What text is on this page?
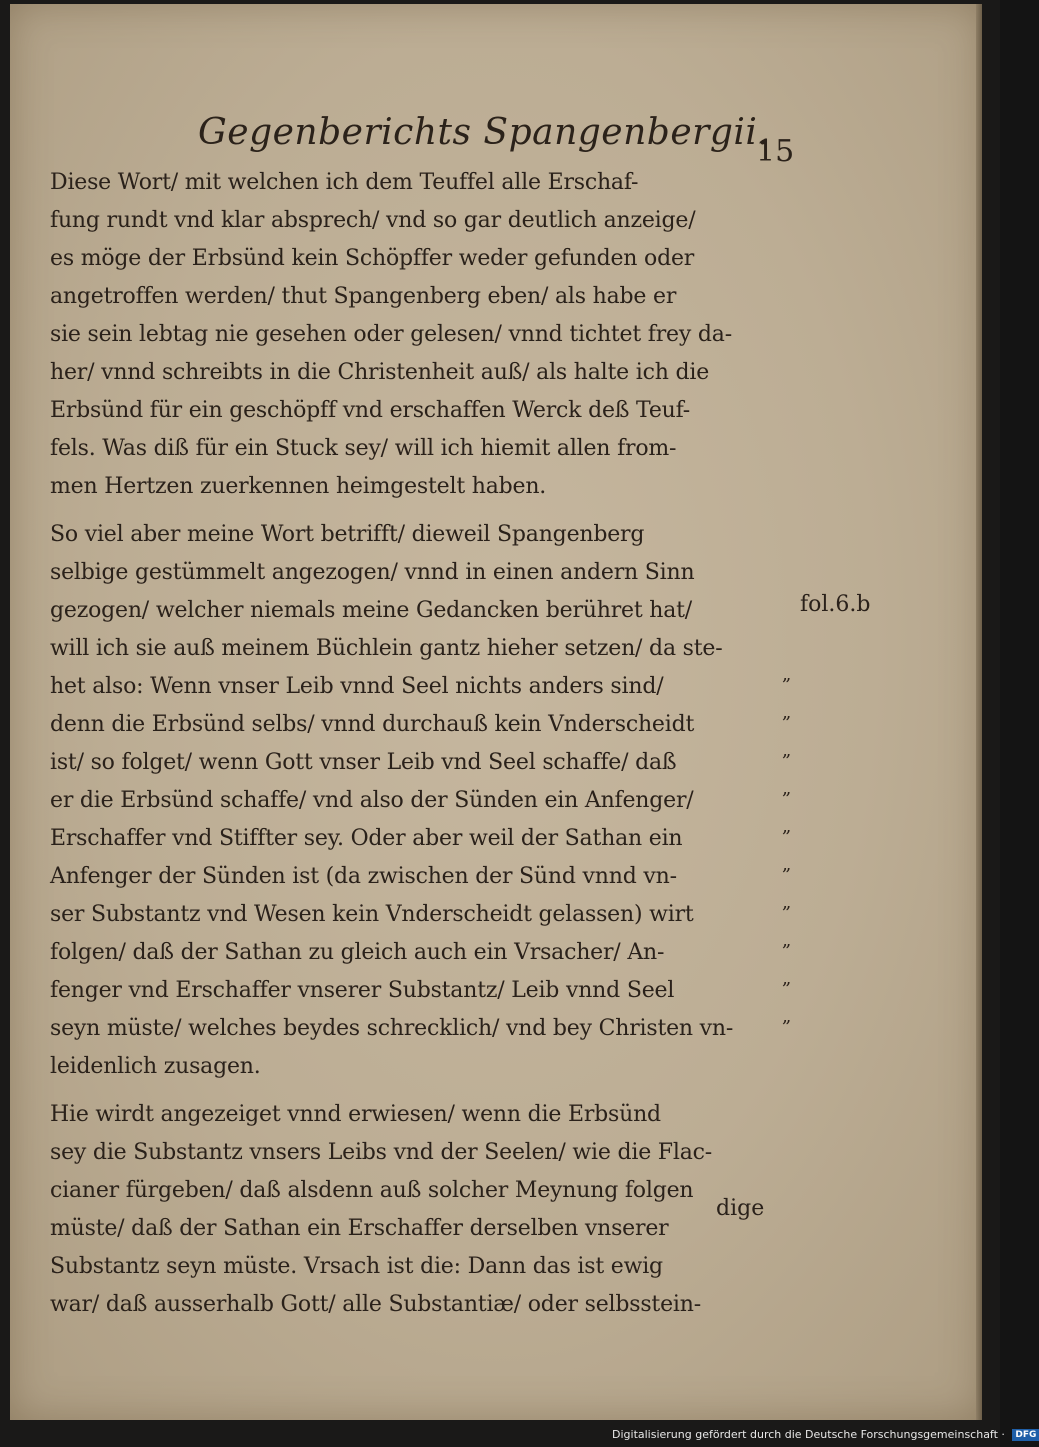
Gegenberichts Spangenbergii.
15
Diese Wort/ mit welchen ich dem Teuffel alle Erschaf-
fung rundt vnd klar absprech/ vnd so gar deutlich anzeige/
es möge der Erbsünd kein Schöpffer weder gefunden oder
angetroffen werden/ thut Spangenberg eben/ als habe er
sie sein lebtag nie gesehen oder gelesen/ vnnd tichtet frey da-
her/ vnnd schreibts in die Christenheit auß/ als halte ich die
Erbsünd für ein geschöpff vnd erschaffen Werck deß Teuf-
fels. Was diß für ein Stuck sey/ will ich hiemit allen from-
men Hertzen zuerkennen heimgestelt haben.
So viel aber meine Wort betrifft/ dieweil Spangenberg
selbige gestümmelt angezogen/ vnnd in einen andern Sinn
gezogen/ welcher niemals meine Gedancken berühret hat/
will ich sie auß meinem Büchlein gantz hieher setzen/ da ste-
het also: Wenn vnser Leib vnnd Seel nichts anders sind/
denn die Erbsünd selbs/ vnnd durchauß kein Vnderscheidt
ist/ so folget/ wenn Gott vnser Leib vnd Seel schaffe/ daß
er die Erbsünd schaffe/ vnd also der Sünden ein Anfenger/
Erschaffer vnd Stiffter sey. Oder aber weil der Sathan ein
Anfenger der Sünden ist (da zwischen der Sünd vnnd vn-
ser Substantz vnd Wesen kein Vnderscheidt gelassen) wirt
folgen/ daß der Sathan zu gleich auch ein Vrsacher/ An-
fenger vnd Erschaffer vnserer Substantz/ Leib vnnd Seel
seyn müste/ welches beydes schrecklich/ vnd bey Christen vn-
leidenlich zusagen.
Hie wirdt angezeiget vnnd erwiesen/ wenn die Erbsünd
sey die Substantz vnsers Leibs vnd der Seelen/ wie die Flac-
cianer fürgeben/ daß alsdenn auß solcher Meynung folgen
müste/ daß der Sathan ein Erschaffer derselben vnserer
Substantz seyn müste. Vrsach ist die: Dann das ist ewig
war/ daß ausserhalb Gott/ alle Substantiæ/ oder selbsstein-
fol.6.b
„
„
„
„
„
„
„
„
„
„
dige
Digitalisierung gefördert durch die Deutsche Forschungsgemeinschaft · DFG
